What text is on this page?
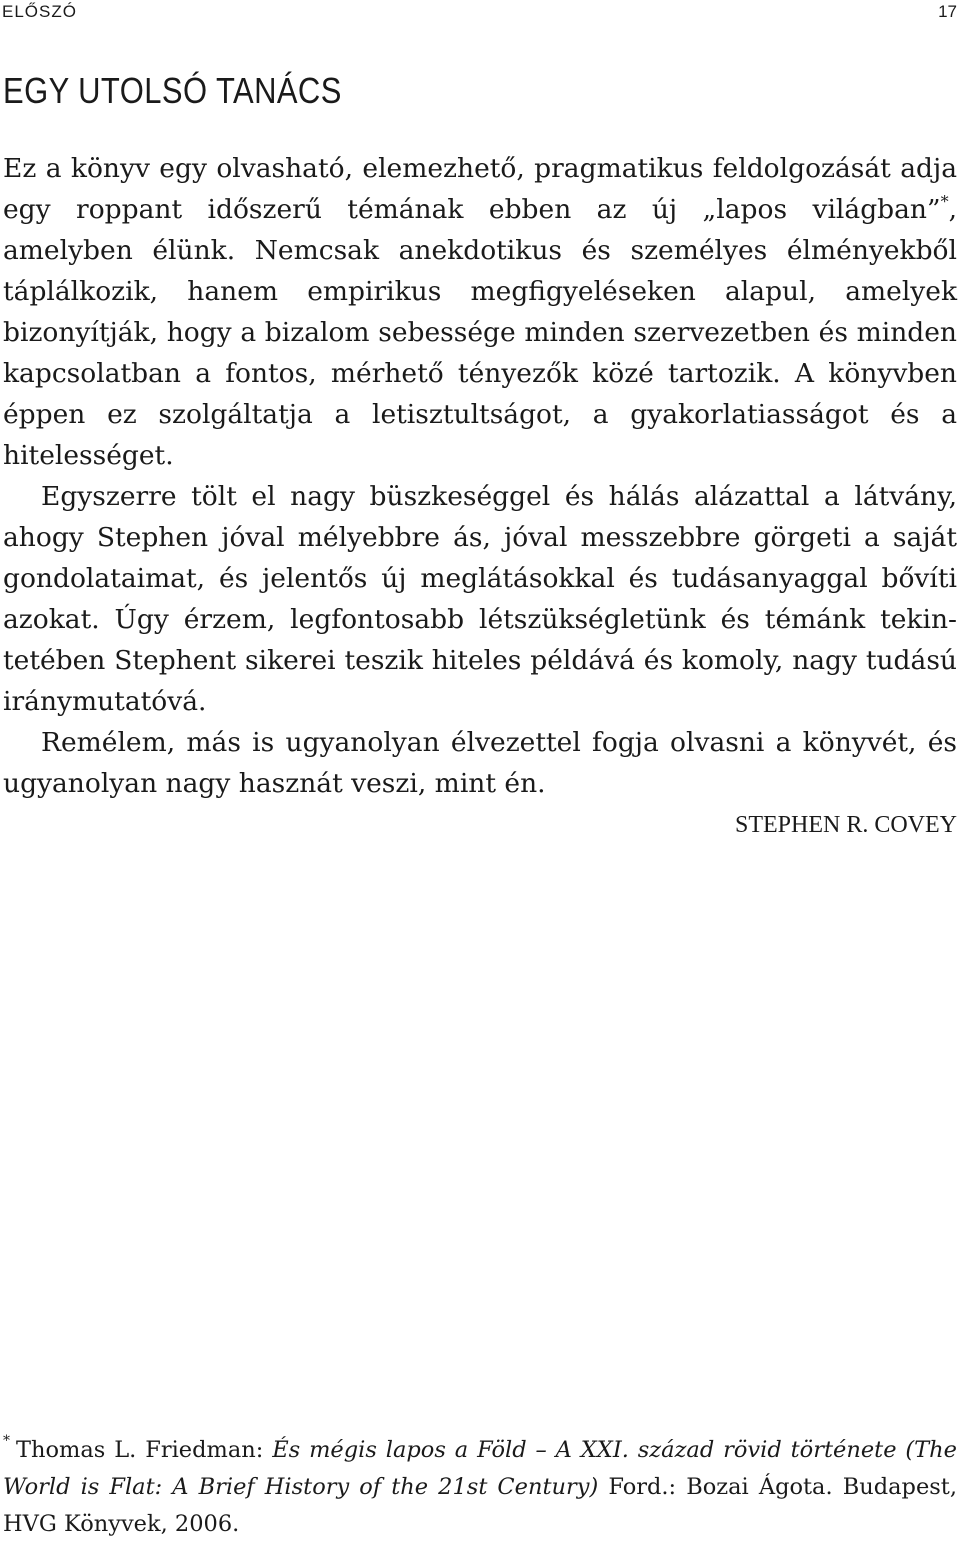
ELŐSZÓ	17
EGY UTOLSÓ TANÁCS

Ez a könyv egy olvasható, elemezhető, pragmatikus feldolgozását adja egy roppant időszerű témának ebben az új „lapos világban”*, amelyben élünk. Nemcsak anekdotikus és személyes élményekből táplálkozik, hanem empirikus megfigyeléseken alapul, amelyek bizonyítják, hogy a bizalom sebessége minden szervezetben és minden kapcsolatban a fontos, mérhető tényezők közé tartozik. A könyvben éppen ez szolgáltatja a letisztultságot, a gyakorlatiasságot és a hitelességet.

Egyszerre tölt el nagy büszkeséggel és hálás alázattal a látvány, ahogy Stephen jóval mélyebbre ás, jóval messzebbre görgeti a saját gondolataimat, és jelentős új meglátásokkal és tudásanyaggal bővíti azokat. Úgy érzem, legfontosabb létszükségletünk és témánk tekintetében Stephent sikerei teszik hiteles példává és komoly, nagy tudású iránymutatóvá.

Remélem, más is ugyanolyan élvezettel fogja olvasni a könyvét, és ugyanolyan nagy hasznát veszi, mint én.

STEPHEN R. COVEY
* Thomas L. Friedman: És mégis lapos a Föld – A XXI. század rövid története (The World is Flat: A Brief History of the 21st Century) Ford.: Bozai Ágota. Budapest, HVG Könyvek, 2006.
